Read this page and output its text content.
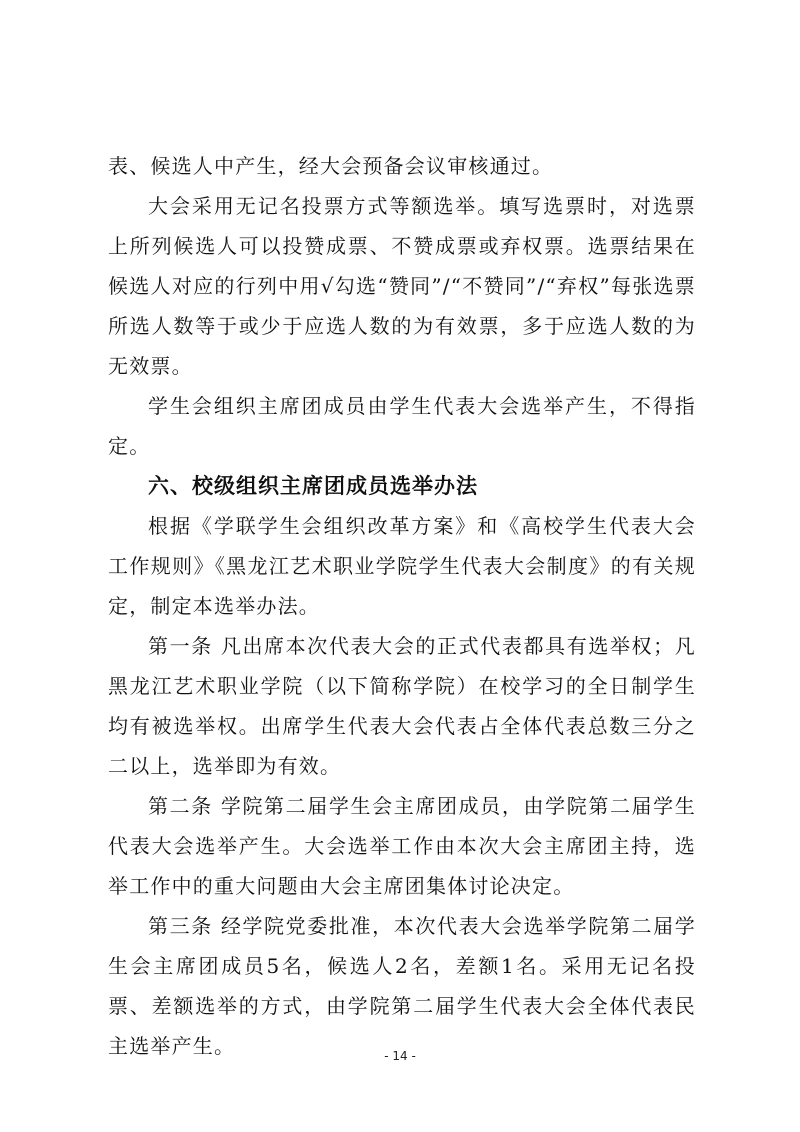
表、候选人中产生，经大会预备会议审核通过。

大会采用无记名投票方式等额选举。填写选票时，对选票上所列候选人可以投赞成票、不赞成票或弃权票。选票结果在候选人对应的行列中用√勾选“赞同”/“不赞同”/“弃权”每张选票所选人数等于或少于应选人数的为有效票，多于应选人数的为无效票。

学生会组织主席团成员由学生代表大会选举产生，不得指定。

六、校级组织主席团成员选举办法

根据《学联学生会组织改革方案》和《高校学生代表大会工作规则》《黑龙江艺术职业学院学生代表大会制度》的有关规定，制定本选举办法。

第一条 凡出席本次代表大会的正式代表都具有选举权；凡黑龙江艺术职业学院（以下简称学院）在校学习的全日制学生均有被选举权。出席学生代表大会代表占全体代表总数三分之二以上，选举即为有效。

第二条 学院第二届学生会主席团成员，由学院第二届学生代表大会选举产生。大会选举工作由本次大会主席团主持，选举工作中的重大问题由大会主席团集体讨论决定。

第三条 经学院党委批准，本次代表大会选举学院第二届学生会主席团成员5名，候选人2名，差额1名。采用无记名投票、差额选举的方式，由学院第二届学生代表大会全体代表民主选举产生。	- 14 -
